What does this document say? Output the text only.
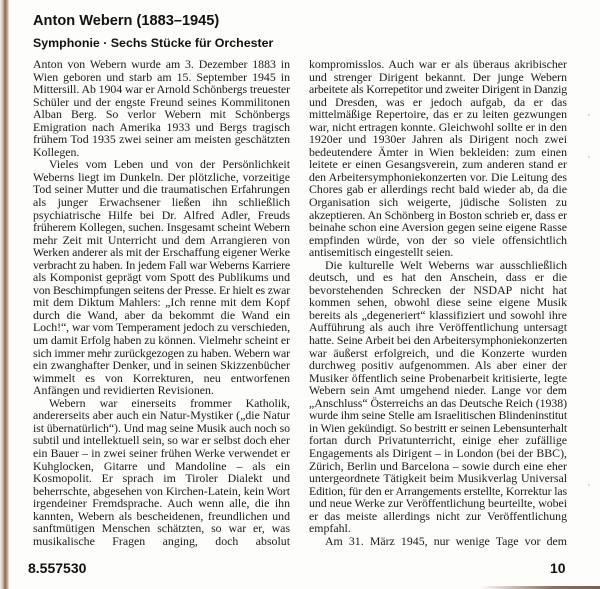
Anton Webern (1883–1945)
Symphonie · Sechs Stücke für Orchester
Anton von Webern wurde am 3. Dezember 1883 in
Wien geboren und starb am 15. September 1945 in
Mittersill. Ab 1904 war er Arnold Schönbergs treuester
Schüler und der engste Freund seines Kommilitonen
Alban Berg. So verlor Webern mit Schönbergs
Emigration nach Amerika 1933 und Bergs tragisch
frühem Tod 1935 zwei seiner am meisten geschätzten
Kollegen.
Vieles vom Leben und von der Persönlichkeit
Weberns liegt im Dunkeln. Der plötzliche, vorzeitige
Tod seiner Mutter und die traumatischen Erfahrungen
als junger Erwachsener ließen ihn schließlich
psychiatrische Hilfe bei Dr. Alfred Adler, Freuds
früherem Kollegen, suchen. Insgesamt scheint Webern
mehr Zeit mit Unterricht und dem Arrangieren von
Werken anderer als mit der Erschaffung eigener Werke
verbracht zu haben. In jedem Fall war Weberns Karriere
als Komponist geprägt vom Spott des Publikums und
von Beschimpfungen seitens der Presse. Er hielt es zwar
mit dem Diktum Mahlers: „Ich renne mit dem Kopf
durch die Wand, aber da bekommt die Wand ein
Loch!“, war vom Temperament jedoch zu verschieden,
um damit Erfolg haben zu können. Vielmehr scheint er
sich immer mehr zurückgezogen zu haben. Webern war
ein zwanghafter Denker, und in seinen Skizzenbücher
wimmelt es von Korrekturen, neu entworfenen
Anfängen und revidierten Revisionen.
Webern war einerseits frommer Katholik,
andererseits aber auch ein Natur-Mystiker („die Natur
ist übernatürlich“). Und mag seine Musik auch noch so
subtil und intellektuell sein, so war er selbst doch eher
ein Bauer – in zwei seiner frühen Werke verwendet er
Kuhglocken, Gitarre und Mandoline – als ein
Kosmopolit. Er sprach im Tiroler Dialekt und
beherrschte, abgesehen von Kirchen-Latein, kein Wort
irgendeiner Fremdsprache. Auch wenn alle, die ihn
kannten, Webern als bescheidenen, freundlichen und
sanftmütigen Menschen schätzten, so war er, was
musikalische Fragen anging, doch absolut
kompromisslos. Auch war er als überaus akribischer
und strenger Dirigent bekannt. Der junge Webern
arbeitete als Korrepetitor und zweiter Dirigent in Danzig
und Dresden, was er jedoch aufgab, da er das
mittelmäßige Repertoire, das er zu leiten gezwungen
war, nicht ertragen konnte. Gleichwohl sollte er in den
1920er und 1930er Jahren als Dirigent noch zwei
bedeutendere Ämter in Wien bekleiden: zum einen
leitete er einen Gesangsverein, zum anderen stand er
den Arbeitersymphoniekonzerten vor. Die Leitung des
Chores gab er allerdings recht bald wieder ab, da die
Organisation sich weigerte, jüdische Solisten zu
akzeptieren. An Schönberg in Boston schrieb er, dass er
beinahe schon eine Aversion gegen seine eigene Rasse
empfinden würde, von der so viele offensichtlich
antisemitisch eingestellt seien.
Die kulturelle Welt Weberns war ausschließlich
deutsch, und es hat den Anschein, dass er die
bevorstehenden Schrecken der NSDAP nicht hat
kommen sehen, obwohl diese seine eigene Musik
bereits als „degeneriert“ klassifiziert und sowohl ihre
Aufführung als auch ihre Veröffentlichung untersagt
hatte. Seine Arbeit bei den Arbeitersymphoniekonzerten
war äußerst erfolgreich, und die Konzerte wurden
durchweg positiv aufgenommen. Als aber einer der
Musiker öffentlich seine Probenarbeit kritisierte, legte
Webern sein Amt umgehend nieder. Lange vor dem
„Anschluss“ Österreichs an das Deutsche Reich (1938)
wurde ihm seine Stelle am Israelitischen Blindeninstitut
in Wien gekündigt. So bestritt er seinen Lebensunterhalt
fortan durch Privatunterricht, einige eher zufällige
Engagements als Dirigent – in London (bei der BBC),
Zürich, Berlin und Barcelona – sowie durch eine eher
untergeordnete Tätigkeit beim Musikverlag Universal
Edition, für den er Arrangements erstellte, Korrektur las
und neue Werke zur Veröffentlichung beurteilte, wobei
er das meiste allerdings nicht zur Veröffentlichung
empfahl.
Am 31. März 1945, nur wenige Tage vor dem
8.557530	10
,
,
,
